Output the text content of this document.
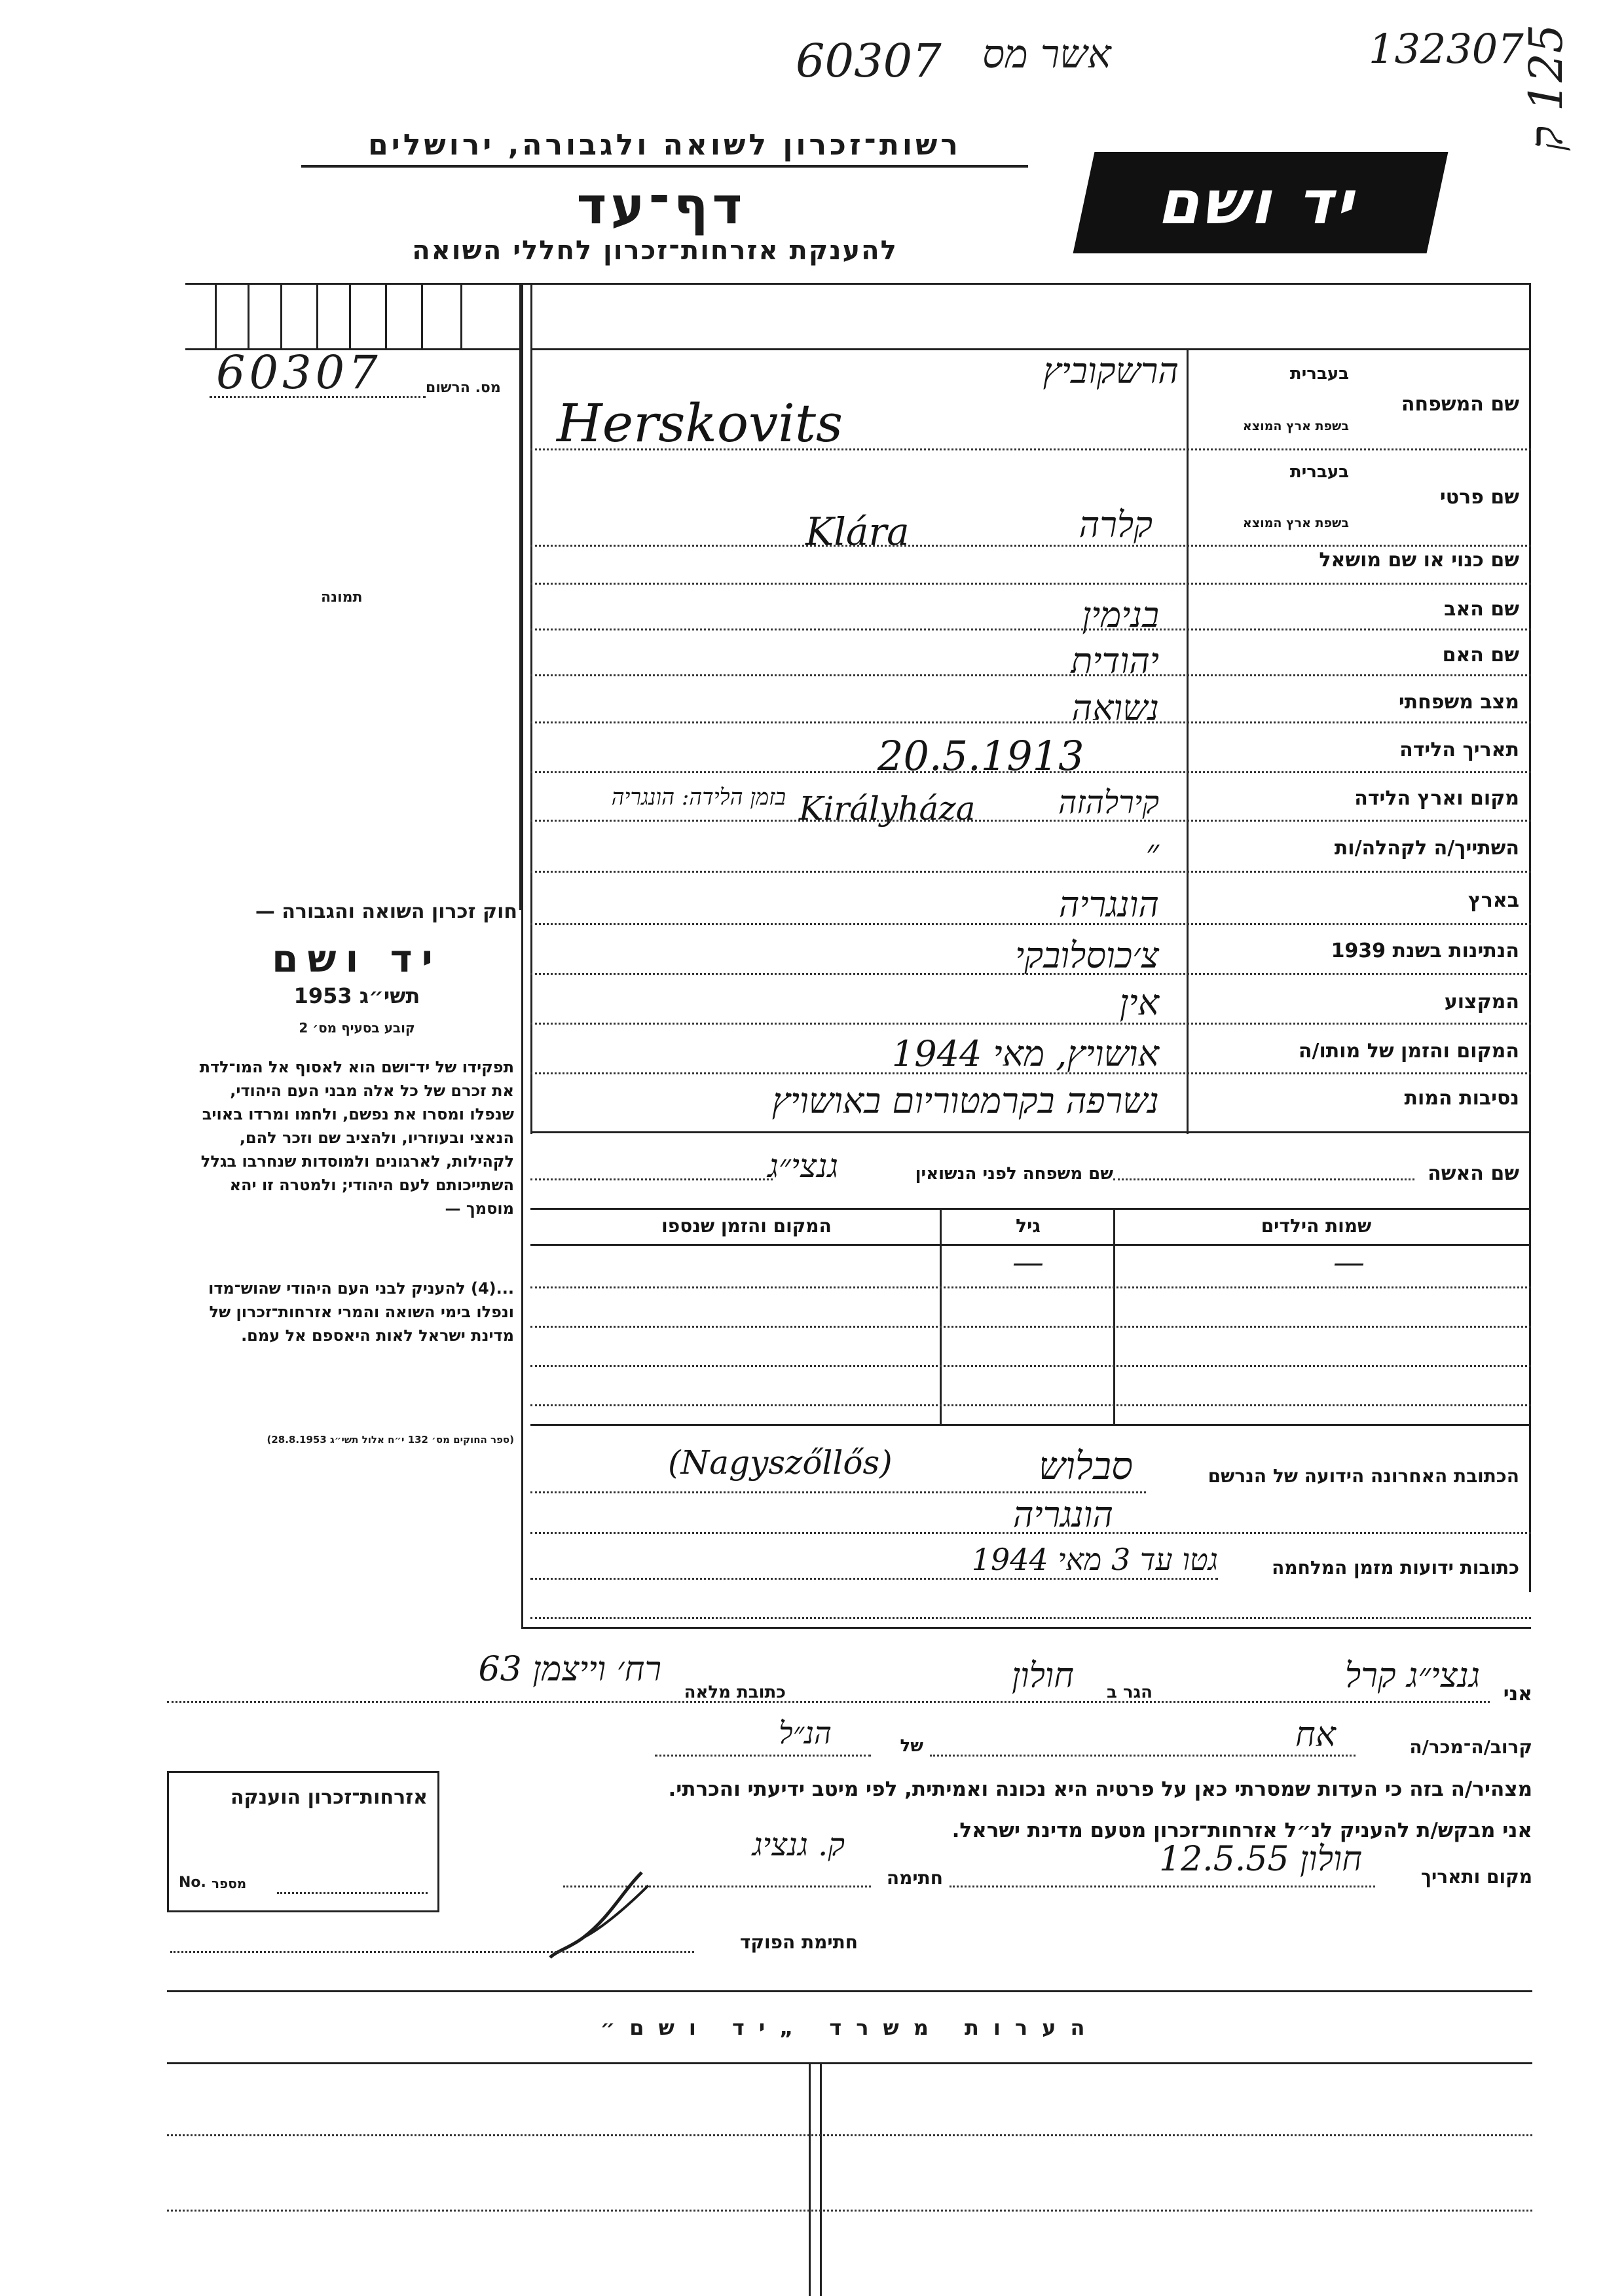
60307 אשר מס	132307
125 ק
רשות־זכרון לשואה ולגבורה, ירושלים
דף־עד
להענקת אזרחות־זכרון לחללי השואה
יד ושם
60307	מס. הרשום
תמונה
שם המשפחה
בעברית
בשפת ארץ המוצא
הרשקוביץ
Herskovits
שם פרטי
בעברית
בשפת ארץ המוצא
קלרה
Klára
שם כנוי או שם מושאל
שם האב
בנימין
שם האם
יהודית
מצב משפחתי
נשואה
תאריך הלידה
20.5.1913
מקום וארץ הלידה
קירלהזה
Királyháza
בזמן הלידה: הונגריה
השתייך/ה לקהלה/ות
״
בארץ
הונגריה
הנתינות בשנת 1939
צ׳כוסלובקי
המקצוע
אין
המקום והזמן של מותו/ה
אושויץ, מאי 1944
נסיבות המות
נשרפה בקרמטוריום באושויץ
שם האשה
שם משפחה לפני הנשואין
גנצי״ג
שמות הילדים
גיל
המקום והזמן שנספו
—
—
חוק זכרון השואה והגבורה —
יד ושם
תשי״ג 1953
קובע בסעיף מס׳ 2
תפקידו של יד־ושם הוא לאסוף אל המו־לדת את זכרם של כל אלה מבני העם היהודי, שנפלו ומסרו את נפשם, ולחמו ומרדו באויב הנאצי ובעוזריו, ולהציב שם וזכר להם, לקהילות, לארגונים ולמוסדות שנחרבו בגלל השתייכותם לעם היהודי; ולמטרה זו יהא מוסמך —
...(4) להעניק לבני העם היהודי שהוש־מדו ונפלו בימי השואה והמרי אזרחות־זכרון של מדינת ישראל לאות היאספם אל עמם.
(ספר החוקים מס׳ 132 י״ח אלול תשי״ג 28.8.1953)
הכתובת האחרונה הידועה של הנרשם
סבלוש
(Nagyszőllős)
הונגריה
כתובות ידועות מזמן המלחמה
גטו עד 3 מאי 1944
אני
גנצי״ג קרל
הגר ב
חולון
כתובת מלאה
רח׳ וייצמן 63
קרוב/ה־מכר/ה
אח
של
הנ״ל
מצהיר/ה בזה כי העדות שמסרתי כאן על פרטיה היא נכונה ואמיתית, לפי מיטב ידיעתי והכרתי.
אני מבקש/ת להעניק לנ״ל אזרחות־זכרון מטעם מדינת ישראל.
מקום ותאריך
חולון 12.5.55
חתימה
ק. גנציג
חתימת הפוקד
אזרחות־זכרון הוענקה
No. מספר
הערות משרד „יד ושם״
